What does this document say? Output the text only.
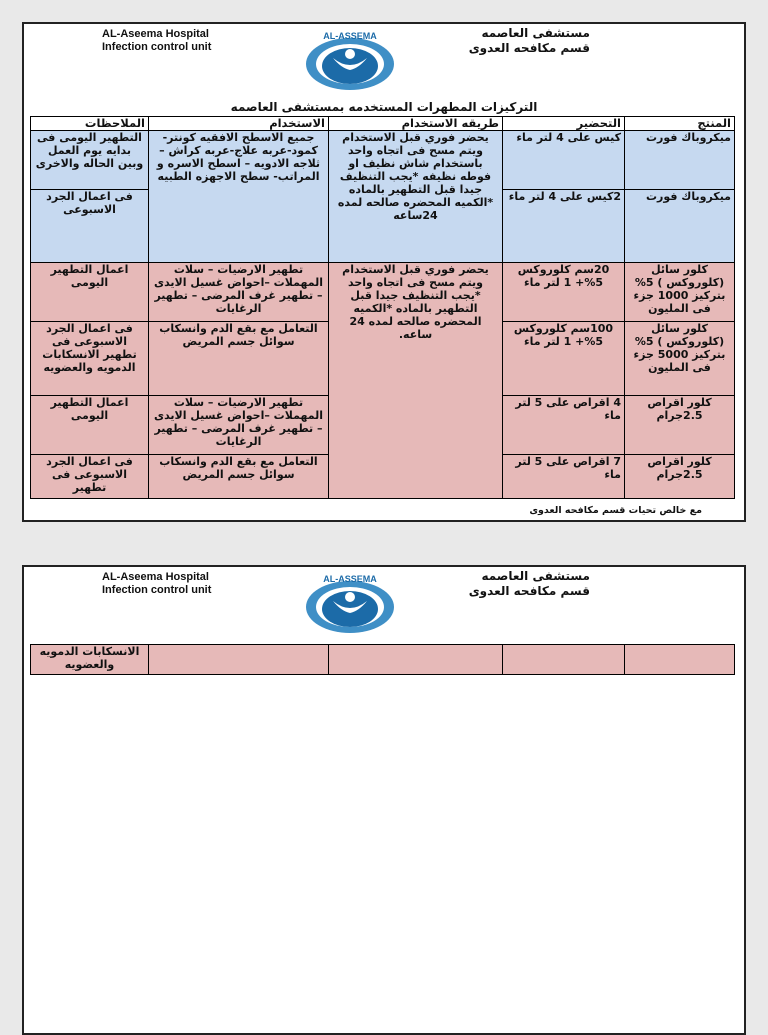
AL-Aseema Hospital
Infection control unit
AL-ASSEMA	مستشفى العاصمه
قسم مكافحه العدوى
التركيزات المطهرات المستخدمه بمستشفى العاصمه
المنتج	التحضير	طريقه الاستخدام	الاستخدام	الملاحظات
ميكروباك فورت	كيس على 4 لتر ماء	يحضر فوري قبل الاستخدام ويتم مسح فى اتجاه واحد باستخدام شاش نظيف او فوطه نظيفه *يجب التنظيف جيدا قبل التطهير بالماده *الكميه المحضره صالحه لمده 24ساعه	جميع الاسطح الافقيه كونتر- كمود-عربه علاج-عربه كراش –ثلاجه الادويه – اسطح الاسره و المراتب- سطح الاجهزه الطبيه	التطهير اليومى فى بدايه يوم العمل وبين الحاله والاخرى
ميكروباك فورت	2كيس على 4 لتر ماء			فى اعمال الجرد الاسبوعى
كلور سائل (كلوروكس ) 5% بتركيز 1000 جزء فى المليون	20سم كلوروكس 5%+ 1 لتر ماء	يحضر فوري قبل الاستخدام ويتم مسح فى اتجاه واحد *يجب التنظيف جيدا قبل التطهير بالماده *الكميه المحضره صالحه لمده 24 ساعه.	تطهير الارضيات – سلات المهملات –احواض غسيل الايدى – تطهير غرف المرضى – تطهير الرغايات	اعمال التطهير اليومى
كلور سائل (كلوروكس ) 5% بتركيز 5000 جزء فى المليون	100سم كلوروكس 5%+ 1 لتر ماء		التعامل مع بقع الدم وانسكاب سوائل جسم المريض	فى اعمال الجرد الاسبوعى فى تطهير الانسكابات الدمويه والعضويه
كلور اقراص 2.5جرام	4 اقراص على 5 لتر ماء		تطهير الارضيات – سلات المهملات –احواض غسيل الايدى – تطهير غرف المرضى – تطهير الرغايات	اعمال التطهير اليومى
كلور اقراص 2.5جرام	7 اقراص على 5 لتر ماء		التعامل مع بقع الدم وانسكاب سوائل جسم المريض	فى اعمال الجرد الاسبوعى فى تطهير
مع خالص تحيات قسم مكافحه العدوى
AL-Aseema Hospital
Infection control unit
AL-ASSEMA	مستشفى العاصمه
قسم مكافحه العدوى
				الانسكابات الدمويه والعضويه
